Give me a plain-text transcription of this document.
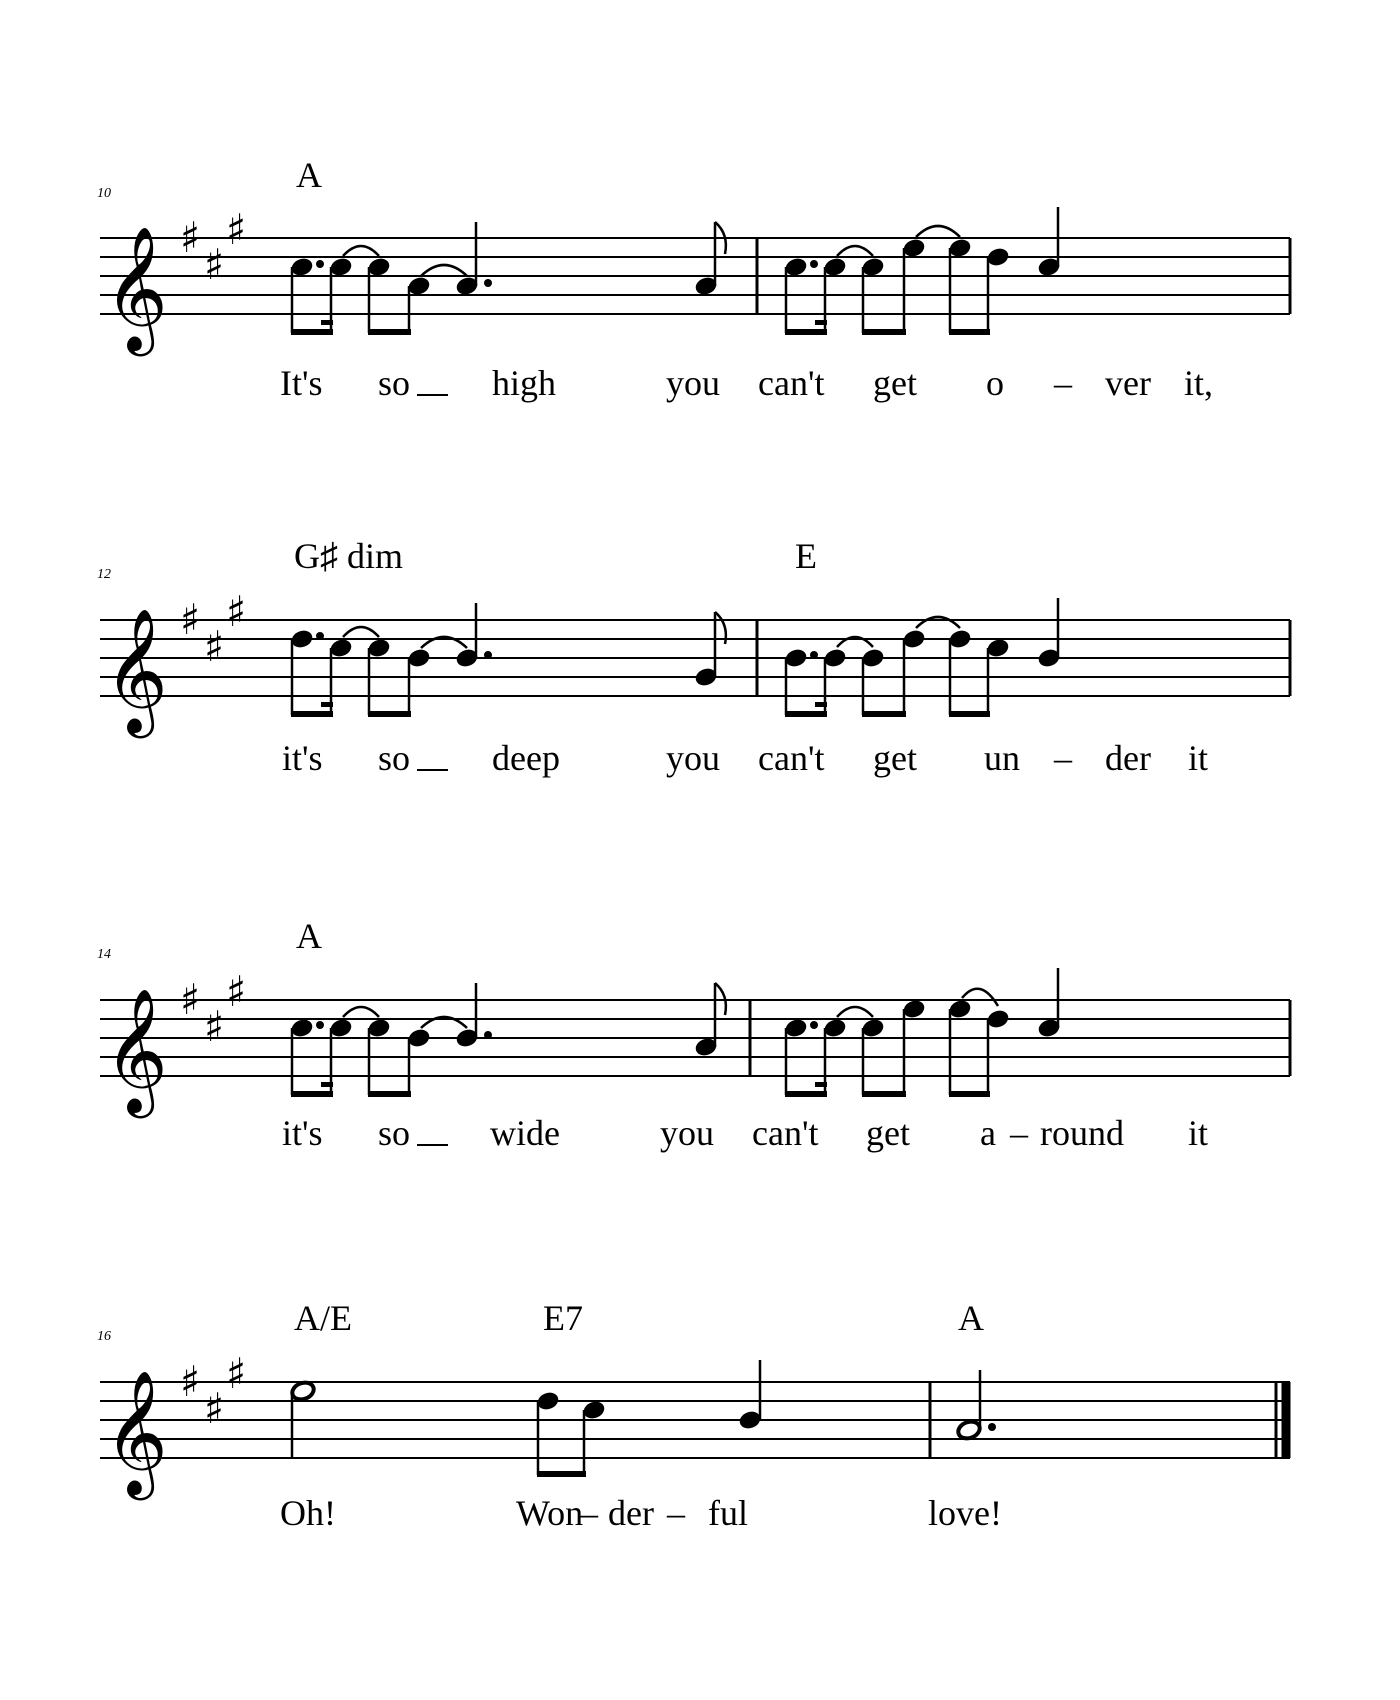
10	A
𝄞 ♯
♯
♯
It's so high	you can't get o – ver it,
12	G♯ dim	E
𝄞 ♯
♯
♯
it's so deep	you can't get un – der it
14	A
𝄞 ♯
♯
♯
it's so wide	you can't get a – round it
16	A/E	E7	A
𝄞 ♯
♯
♯
Oh!	Won
– der – ful	love!
